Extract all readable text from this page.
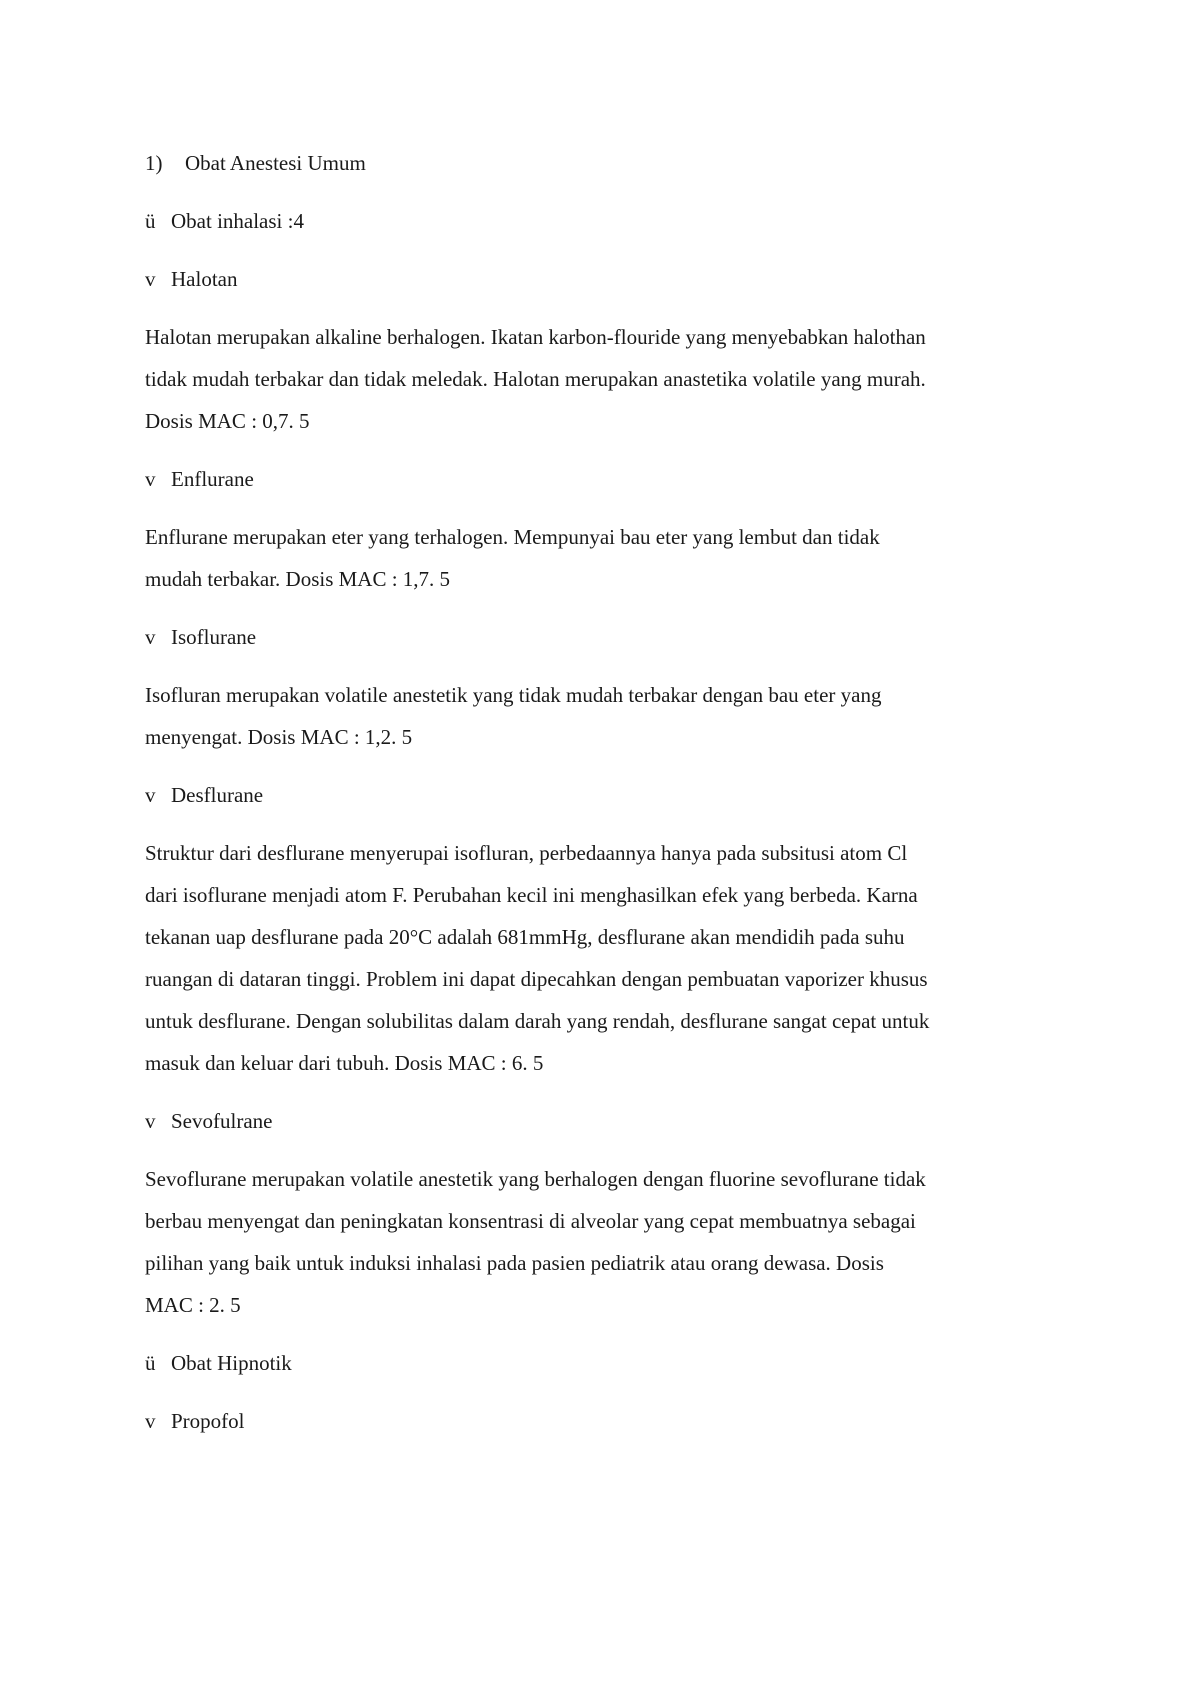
1) Obat Anestesi Umum
ü Obat inhalasi :4
v Halotan
Halotan merupakan alkaline berhalogen. Ikatan karbon-flouride yang menyebabkan halothan
tidak mudah terbakar dan tidak meledak. Halotan merupakan anastetika volatile yang murah.
Dosis MAC : 0,7. 5
v Enflurane
Enflurane merupakan eter yang terhalogen. Mempunyai bau eter yang lembut dan tidak
mudah terbakar. Dosis MAC : 1,7. 5
v Isoflurane
Isofluran merupakan volatile anestetik yang tidak mudah terbakar dengan bau eter yang
menyengat. Dosis MAC : 1,2. 5
v Desflurane
Struktur dari desflurane menyerupai isofluran, perbedaannya hanya pada subsitusi atom Cl
dari isoflurane menjadi atom F. Perubahan kecil ini menghasilkan efek yang berbeda. Karna
tekanan uap desflurane pada 20°C adalah 681mmHg, desflurane akan mendidih pada suhu
ruangan di dataran tinggi. Problem ini dapat dipecahkan dengan pembuatan vaporizer khusus
untuk desflurane. Dengan solubilitas dalam darah yang rendah, desflurane sangat cepat untuk
masuk dan keluar dari tubuh. Dosis MAC : 6. 5
v Sevofulrane
Sevoflurane merupakan volatile anestetik yang berhalogen dengan fluorine sevoflurane tidak
berbau menyengat dan peningkatan konsentrasi di alveolar yang cepat membuatnya sebagai
pilihan yang baik untuk induksi inhalasi pada pasien pediatrik atau orang dewasa. Dosis
MAC : 2. 5
ü Obat Hipnotik
v Propofol
